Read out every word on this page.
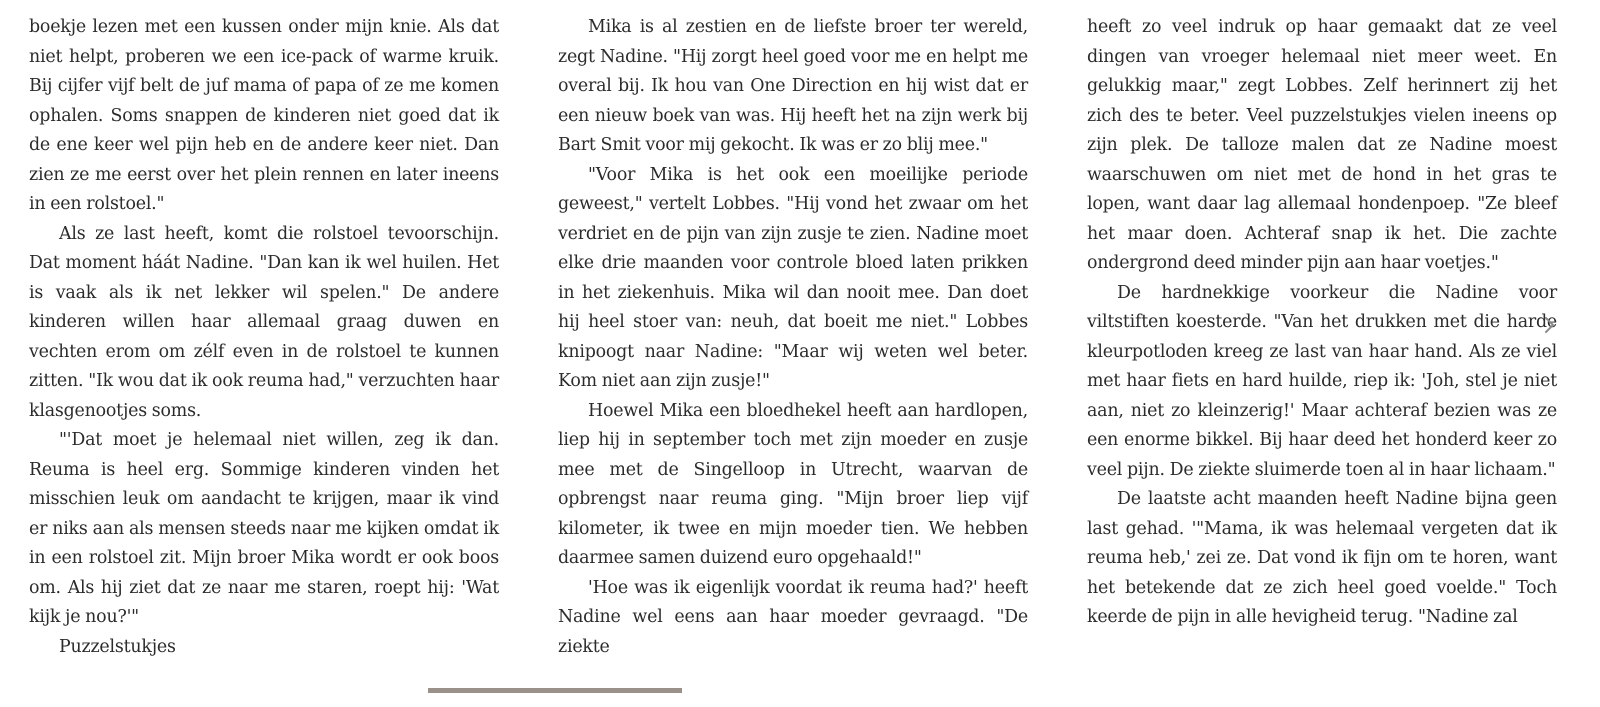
boekje lezen met een kussen onder mijn knie. Als dat niet helpt, proberen we een ice-pack of warme kruik. Bij cijfer vijf belt de juf mama of papa of ze me komen ophalen. Soms snappen de kinderen niet goed dat ik de ene keer wel pijn heb en de andere keer niet. Dan zien ze me eerst over het plein rennen en later ineens in een rolstoel."

Als ze last heeft, komt die rolstoel tevoorschijn. Dat moment háát Nadine. "Dan kan ik wel huilen. Het is vaak als ik net lekker wil spelen." De andere kinderen willen haar allemaal graag duwen en vechten erom om zélf even in de rolstoel te kunnen zitten. "Ik wou dat ik ook reuma had," verzuchten haar klasgenootjes soms.

"'Dat moet je helemaal niet willen, zeg ik dan. Reuma is heel erg. Sommige kinderen vinden het misschien leuk om aandacht te krijgen, maar ik vind er niks aan als mensen steeds naar me kijken omdat ik in een rolstoel zit. Mijn broer Mika wordt er ook boos om. Als hij ziet dat ze naar me staren, roept hij: 'Wat kijk je nou?'"

Puzzelstukjes

Mika is al zestien en de liefste broer ter wereld, zegt Nadine. "Hij zorgt heel goed voor me en helpt me overal bij. Ik hou van One Direction en hij wist dat er een nieuw boek van was. Hij heeft het na zijn werk bij Bart Smit voor mij gekocht. Ik was er zo blij mee."

"Voor Mika is het ook een moeilijke periode geweest," vertelt Lobbes. "Hij vond het zwaar om het verdriet en de pijn van zijn zusje te zien. Nadine moet elke drie maanden voor controle bloed laten prikken in het ziekenhuis. Mika wil dan nooit mee. Dan doet hij heel stoer van: neuh, dat boeit me niet." Lobbes knipoogt naar Nadine: "Maar wij weten wel beter. Kom niet aan zijn zusje!"

Hoewel Mika een bloedhekel heeft aan hardlopen, liep hij in september toch met zijn moeder en zusje mee met de Singelloop in Utrecht, waarvan de opbrengst naar reuma ging. "Mijn broer liep vijf kilometer, ik twee en mijn moeder tien. We hebben daarmee samen duizend euro opgehaald!"

'Hoe was ik eigenlijk voordat ik reuma had?' heeft Nadine wel eens aan haar moeder gevraagd. "De ziekte

heeft zo veel indruk op haar gemaakt dat ze veel dingen van vroeger helemaal niet meer weet. En gelukkig maar," zegt Lobbes. Zelf herinnert zij het zich des te beter. Veel puzzelstukjes vielen ineens op zijn plek. De talloze malen dat ze Nadine moest waarschuwen om niet met de hond in het gras te lopen, want daar lag allemaal hondenpoep. "Ze bleef het maar doen. Achteraf snap ik het. Die zachte ondergrond deed minder pijn aan haar voetjes."

De hardnekkige voorkeur die Nadine voor viltstiften koesterde. "Van het drukken met die harde kleurpotloden kreeg ze last van haar hand. Als ze viel met haar fiets en hard huilde, riep ik: 'Joh, stel je niet aan, niet zo kleinzerig!' Maar achteraf bezien was ze een enorme bikkel. Bij haar deed het honderd keer zo veel pijn. De ziekte sluimerde toen al in haar lichaam."

De laatste acht maanden heeft Nadine bijna geen last gehad. '"Mama, ik was helemaal vergeten dat ik reuma heb,' zei ze. Dat vond ik fijn om te horen, want het betekende dat ze zich heel goed voelde." Toch keerde de pijn in alle hevigheid terug. "Nadine zal
